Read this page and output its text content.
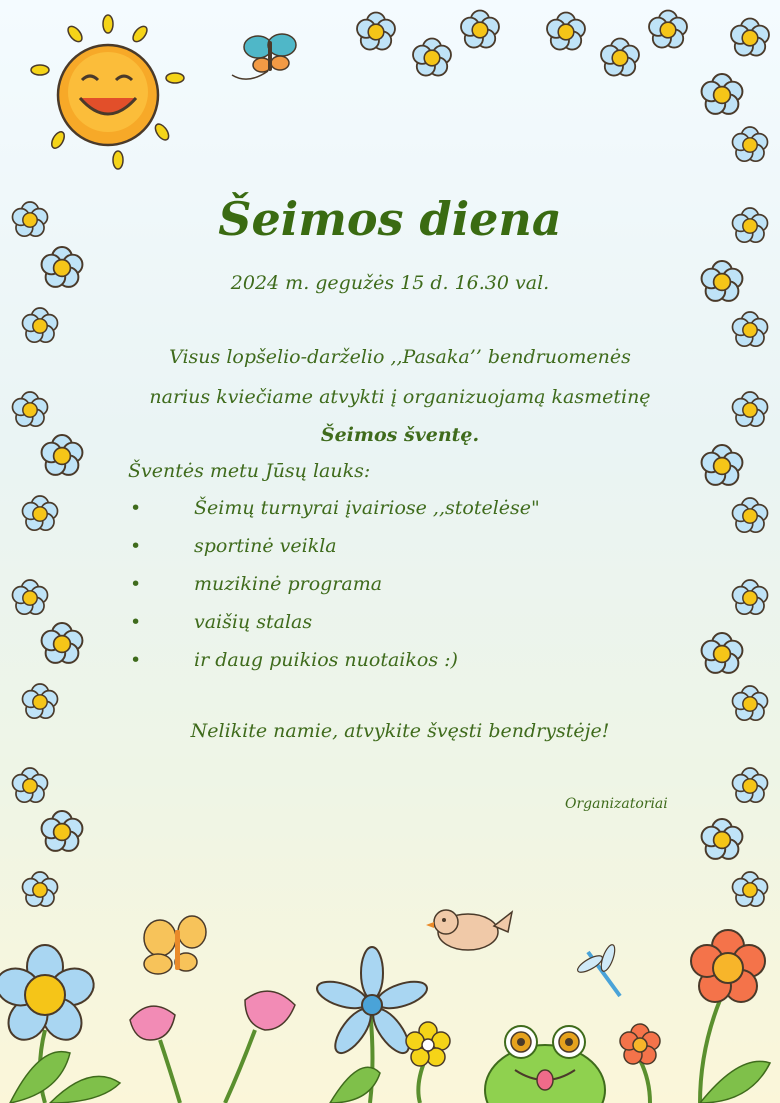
Šeimos diena
2024 m. gegužės 15 d. 16.30 val.
Visus lopšelio-darželio ,,Pasaka’’ bendruomenės
narius kviečiame atvykti į organizuojamą kasmetinę
Šeimos šventę.
Šventės metu Jūsų lauks:
• Šeimų turnyrai įvairiose ,,stotelėse"
• sportinė veikla
• muzikinė programa
• vaišių stalas
• ir daug puikios nuotaikos :)
Nelikite namie, atvykite švęsti bendrystėje!
Organizatoriai
